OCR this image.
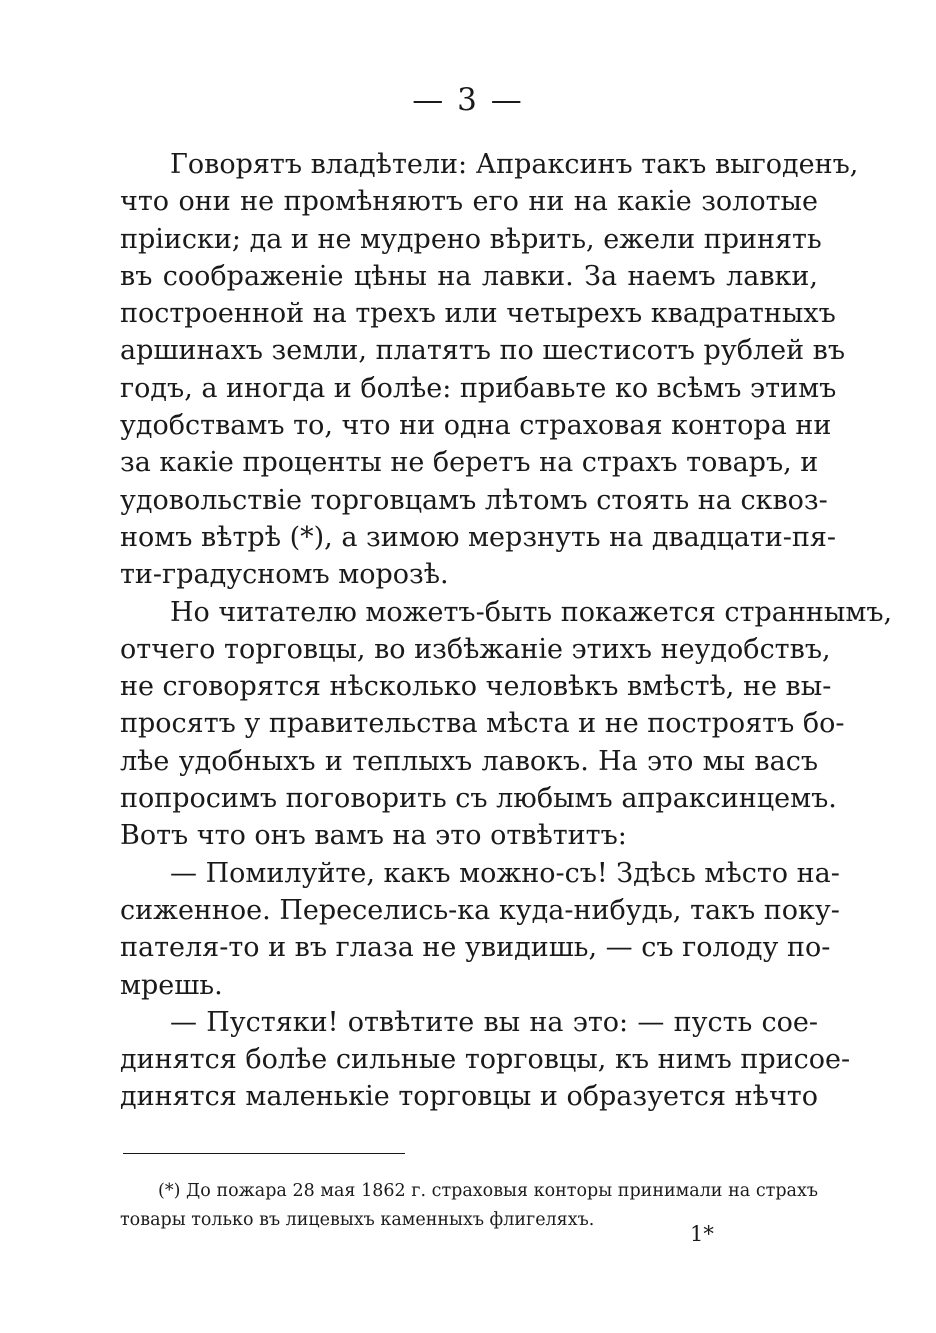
— 3 —
Говорятъ владѣтели: Апраксинъ такъ выгоденъ,
что они не промѣняютъ его ни на какіе золотые
пріиски; да и не мудрено вѣрить, ежели принять
въ соображеніе цѣны на лавки. За наемъ лавки,
построенной на трехъ или четырехъ квадратныхъ
аршинахъ земли, платятъ по шестисотъ рублей въ
годъ, а иногда и болѣе: прибавьте ко всѣмъ этимъ
удобствамъ то, что ни одна страховая контора ни
за какіе проценты не беретъ на страхъ товаръ, и
удовольствіе торговцамъ лѣтомъ стоять на сквоз-
номъ вѣтрѣ (*), а зимою мерзнуть на двадцати-пя-
ти-градусномъ морозѣ.
Но читателю можетъ-быть покажется страннымъ,
отчего торговцы, во избѣжаніе этихъ неудобствъ,
не сговорятся нѣсколько человѣкъ вмѣстѣ, не вы-
просятъ у правительства мѣста и не построятъ бо-
лѣе удобныхъ и теплыхъ лавокъ. На это мы васъ
попросимъ поговорить съ любымъ апраксинцемъ.
Вотъ что онъ вамъ на это отвѣтитъ:
— Помилуйте, какъ можно-съ! Здѣсь мѣсто на-
сиженное. Переселись-ка куда-нибудь, такъ поку-
пателя-то и въ глаза не увидишь, — съ голоду по-
мрешь.
— Пустяки! отвѣтите вы на это: — пусть сое-
динятся болѣе сильные торговцы, къ нимъ присое-
динятся маленькіе торговцы и образуется нѣчто
(*) До пожара 28 мая 1862 г. страховыя конторы принимали на страхъ
товары только въ лицевыхъ каменныхъ флигеляхъ.
1*
